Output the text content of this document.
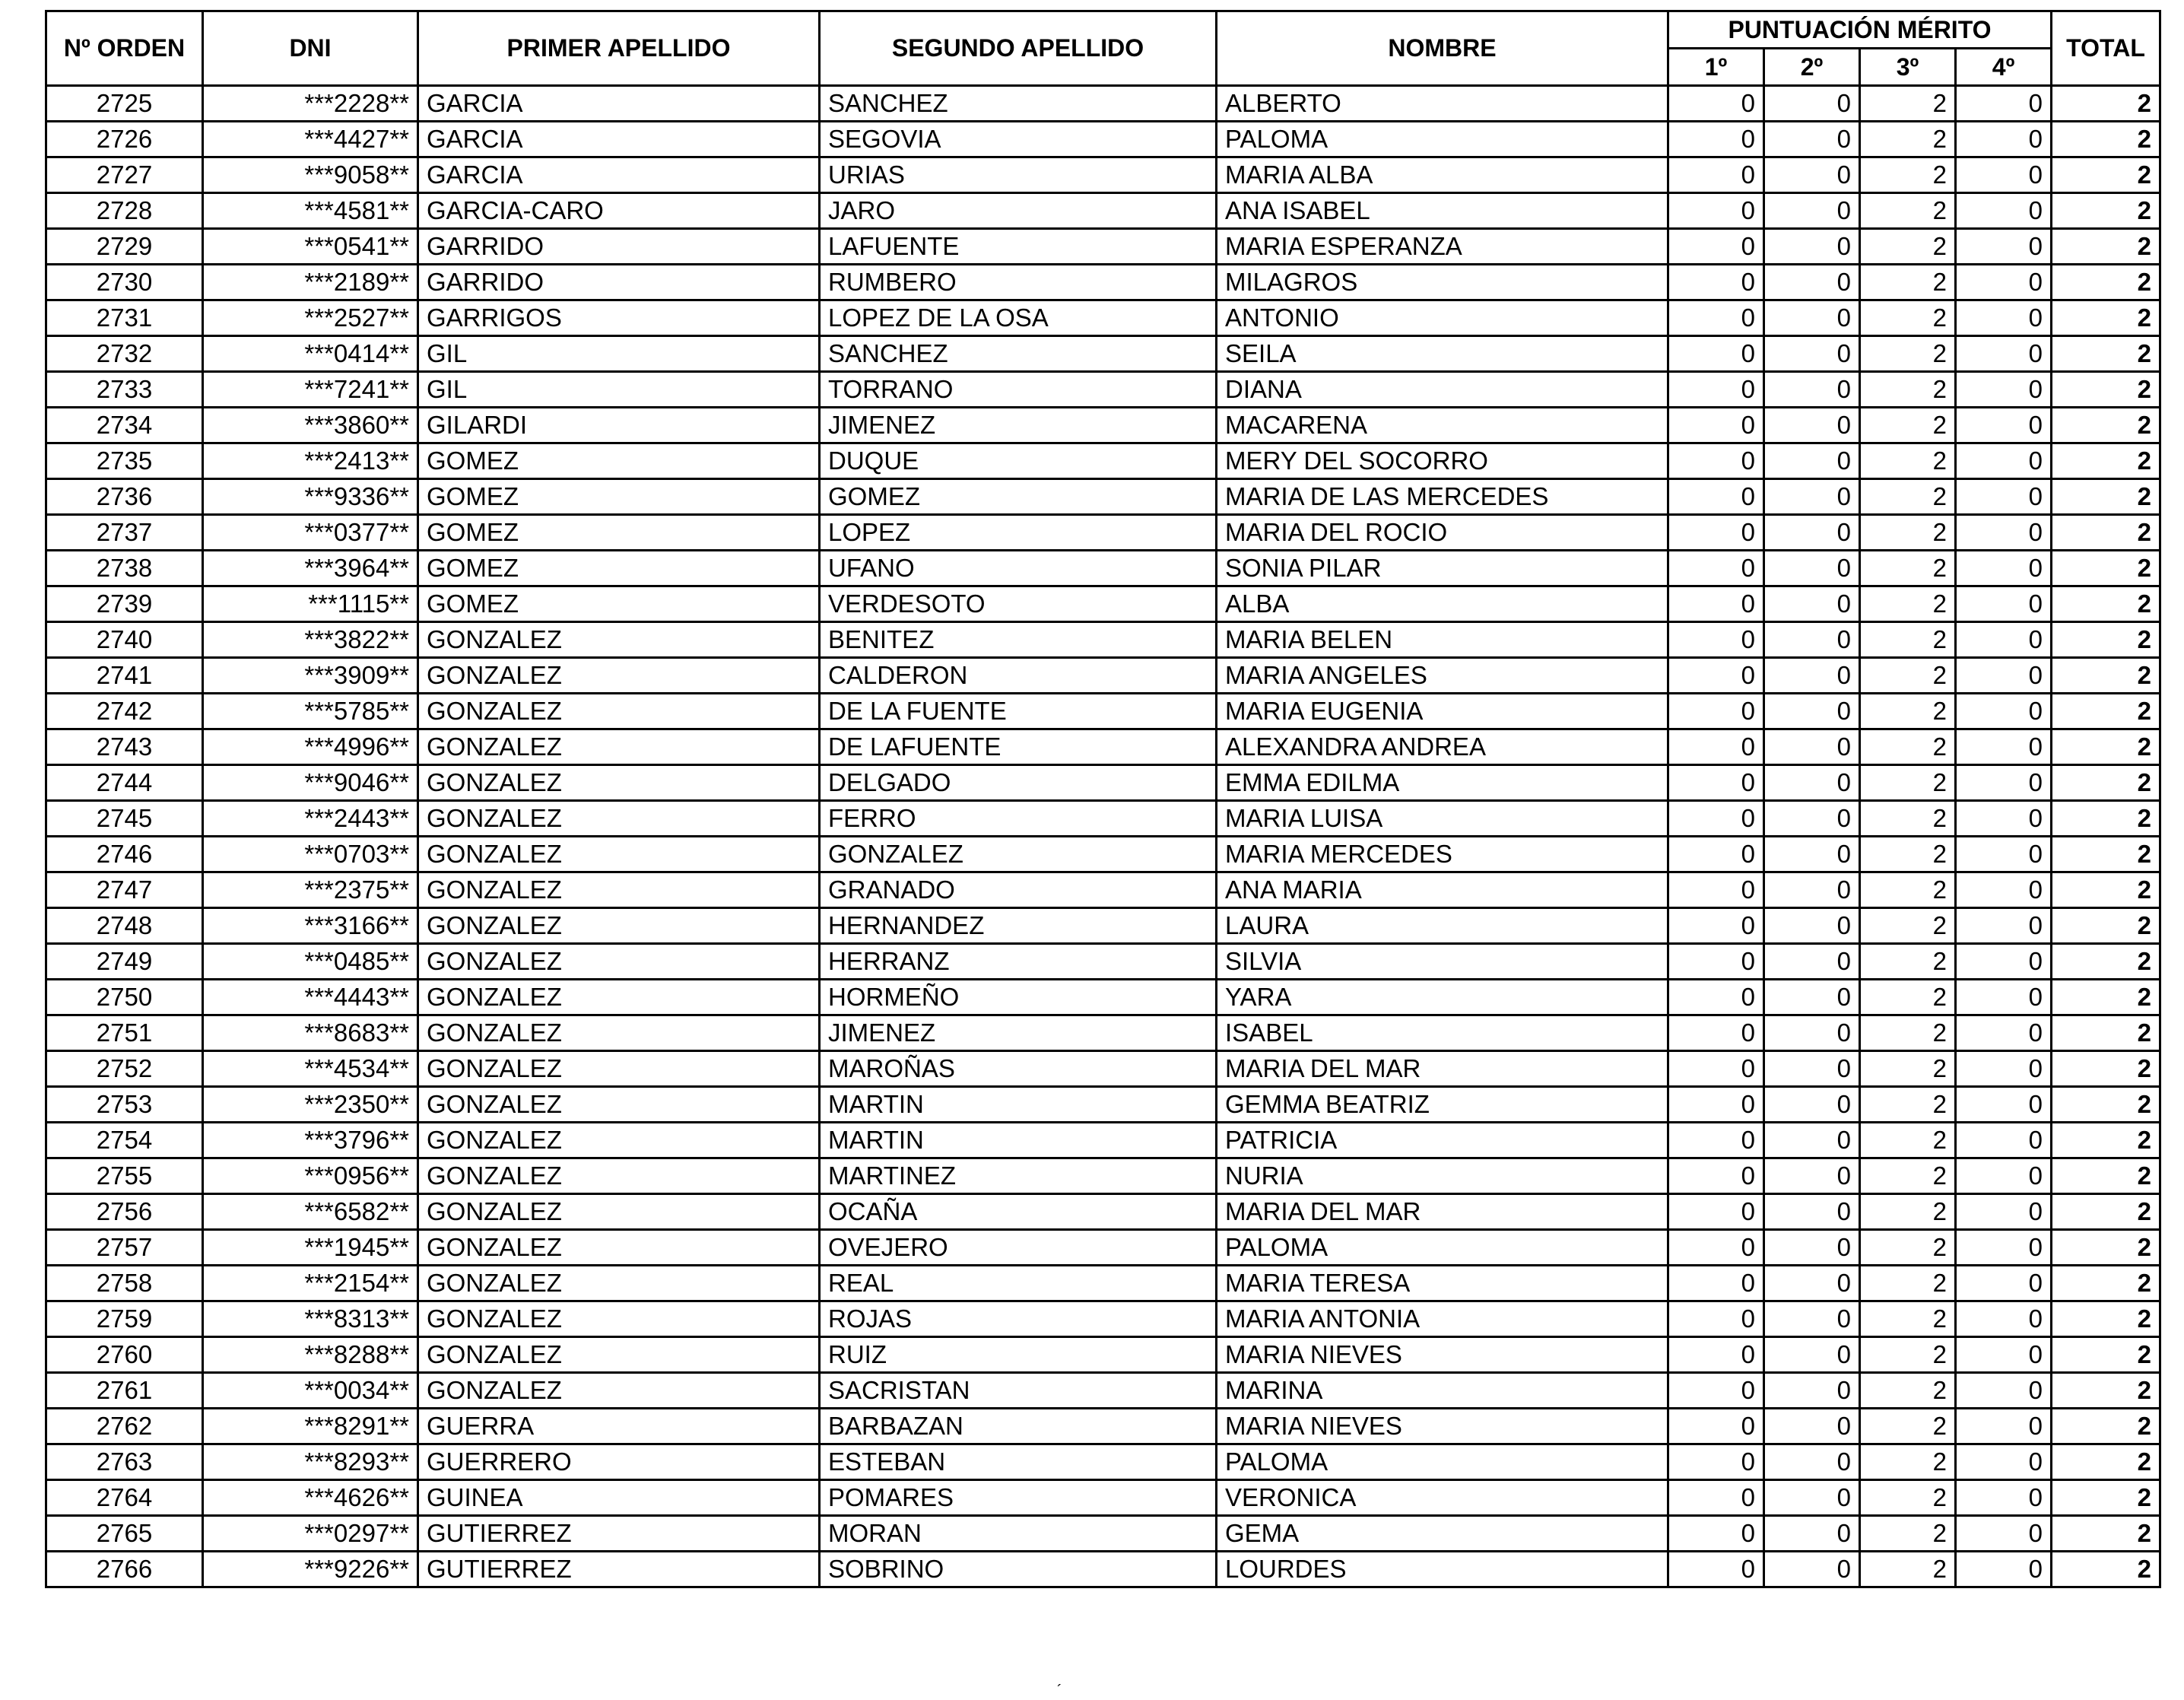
Nº ORDEN	DNI	PRIMER APELLIDO	SEGUNDO APELLIDO	NOMBRE	PUNTUACIÓN MÉRITO				TOTAL
					1º	2º	3º	4º	
2725	***2228**	GARCIA	SANCHEZ	ALBERTO	0	0	2	0	2
2726	***4427**	GARCIA	SEGOVIA	PALOMA	0	0	2	0	2
2727	***9058**	GARCIA	URIAS	MARIA ALBA	0	0	2	0	2
2728	***4581**	GARCIA-CARO	JARO	ANA ISABEL	0	0	2	0	2
2729	***0541**	GARRIDO	LAFUENTE	MARIA ESPERANZA	0	0	2	0	2
2730	***2189**	GARRIDO	RUMBERO	MILAGROS	0	0	2	0	2
2731	***2527**	GARRIGOS	LOPEZ DE LA OSA	ANTONIO	0	0	2	0	2
2732	***0414**	GIL	SANCHEZ	SEILA	0	0	2	0	2
2733	***7241**	GIL	TORRANO	DIANA	0	0	2	0	2
2734	***3860**	GILARDI	JIMENEZ	MACARENA	0	0	2	0	2
2735	***2413**	GOMEZ	DUQUE	MERY DEL SOCORRO	0	0	2	0	2
2736	***9336**	GOMEZ	GOMEZ	MARIA DE LAS MERCEDES	0	0	2	0	2
2737	***0377**	GOMEZ	LOPEZ	MARIA DEL ROCIO	0	0	2	0	2
2738	***3964**	GOMEZ	UFANO	SONIA PILAR	0	0	2	0	2
2739	***1115**	GOMEZ	VERDESOTO	ALBA	0	0	2	0	2
2740	***3822**	GONZALEZ	BENITEZ	MARIA BELEN	0	0	2	0	2
2741	***3909**	GONZALEZ	CALDERON	MARIA ANGELES	0	0	2	0	2
2742	***5785**	GONZALEZ	DE LA FUENTE	MARIA EUGENIA	0	0	2	0	2
2743	***4996**	GONZALEZ	DE LAFUENTE	ALEXANDRA ANDREA	0	0	2	0	2
2744	***9046**	GONZALEZ	DELGADO	EMMA EDILMA	0	0	2	0	2
2745	***2443**	GONZALEZ	FERRO	MARIA LUISA	0	0	2	0	2
2746	***0703**	GONZALEZ	GONZALEZ	MARIA MERCEDES	0	0	2	0	2
2747	***2375**	GONZALEZ	GRANADO	ANA MARIA	0	0	2	0	2
2748	***3166**	GONZALEZ	HERNANDEZ	LAURA	0	0	2	0	2
2749	***0485**	GONZALEZ	HERRANZ	SILVIA	0	0	2	0	2
2750	***4443**	GONZALEZ	HORMEÑO	YARA	0	0	2	0	2
2751	***8683**	GONZALEZ	JIMENEZ	ISABEL	0	0	2	0	2
2752	***4534**	GONZALEZ	MAROÑAS	MARIA DEL MAR	0	0	2	0	2
2753	***2350**	GONZALEZ	MARTIN	GEMMA BEATRIZ	0	0	2	0	2
2754	***3796**	GONZALEZ	MARTIN	PATRICIA	0	0	2	0	2
2755	***0956**	GONZALEZ	MARTINEZ	NURIA	0	0	2	0	2
2756	***6582**	GONZALEZ	OCAÑA	MARIA DEL MAR	0	0	2	0	2
2757	***1945**	GONZALEZ	OVEJERO	PALOMA	0	0	2	0	2
2758	***2154**	GONZALEZ	REAL	MARIA TERESA	0	0	2	0	2
2759	***8313**	GONZALEZ	ROJAS	MARIA ANTONIA	0	0	2	0	2
2760	***8288**	GONZALEZ	RUIZ	MARIA NIEVES	0	0	2	0	2
2761	***0034**	GONZALEZ	SACRISTAN	MARINA	0	0	2	0	2
2762	***8291**	GUERRA	BARBAZAN	MARIA NIEVES	0	0	2	0	2
2763	***8293**	GUERRERO	ESTEBAN	PALOMA	0	0	2	0	2
2764	***4626**	GUINEA	POMARES	VERONICA	0	0	2	0	2
2765	***0297**	GUTIERREZ	MORAN	GEMA	0	0	2	0	2
2766	***9226**	GUTIERREZ	SOBRINO	LOURDES	0	0	2	0	2
´
